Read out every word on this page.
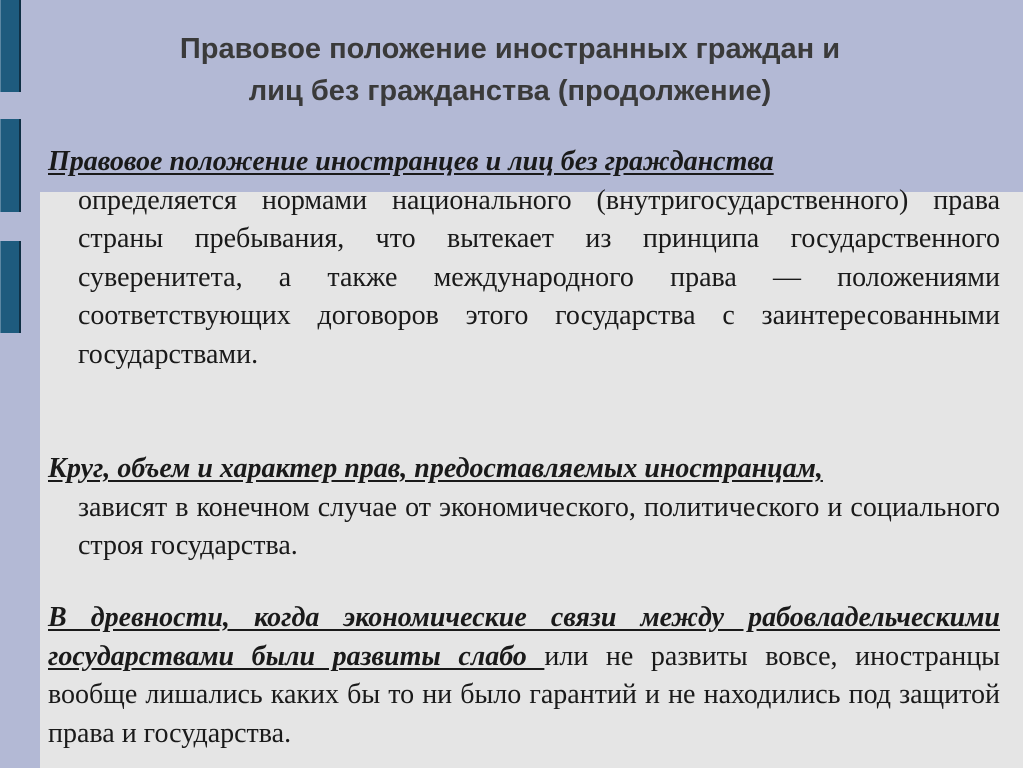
Правовое положение иностранных граждан и
лиц без гражданства (продолжение)
Правовое положение иностранцев и лиц без гражданства
определяется нормами национального (внутригосударственного) права страны пребывания, что вытекает из принципа государственного суверенитета, а также международного права — положениями соответствующих договоров этого государства с заинтересованными государствами.
Круг, объем и характер прав, предоставляемых иностранцам,
зависят в конечном случае от экономического, политического и социального строя государства.
В древности, когда экономические связи между рабовладельческими государствами были развиты слабо или не развиты вовсе, иностранцы вообще лишались каких бы то ни было гарантий и не находились под защитой права и государства.
